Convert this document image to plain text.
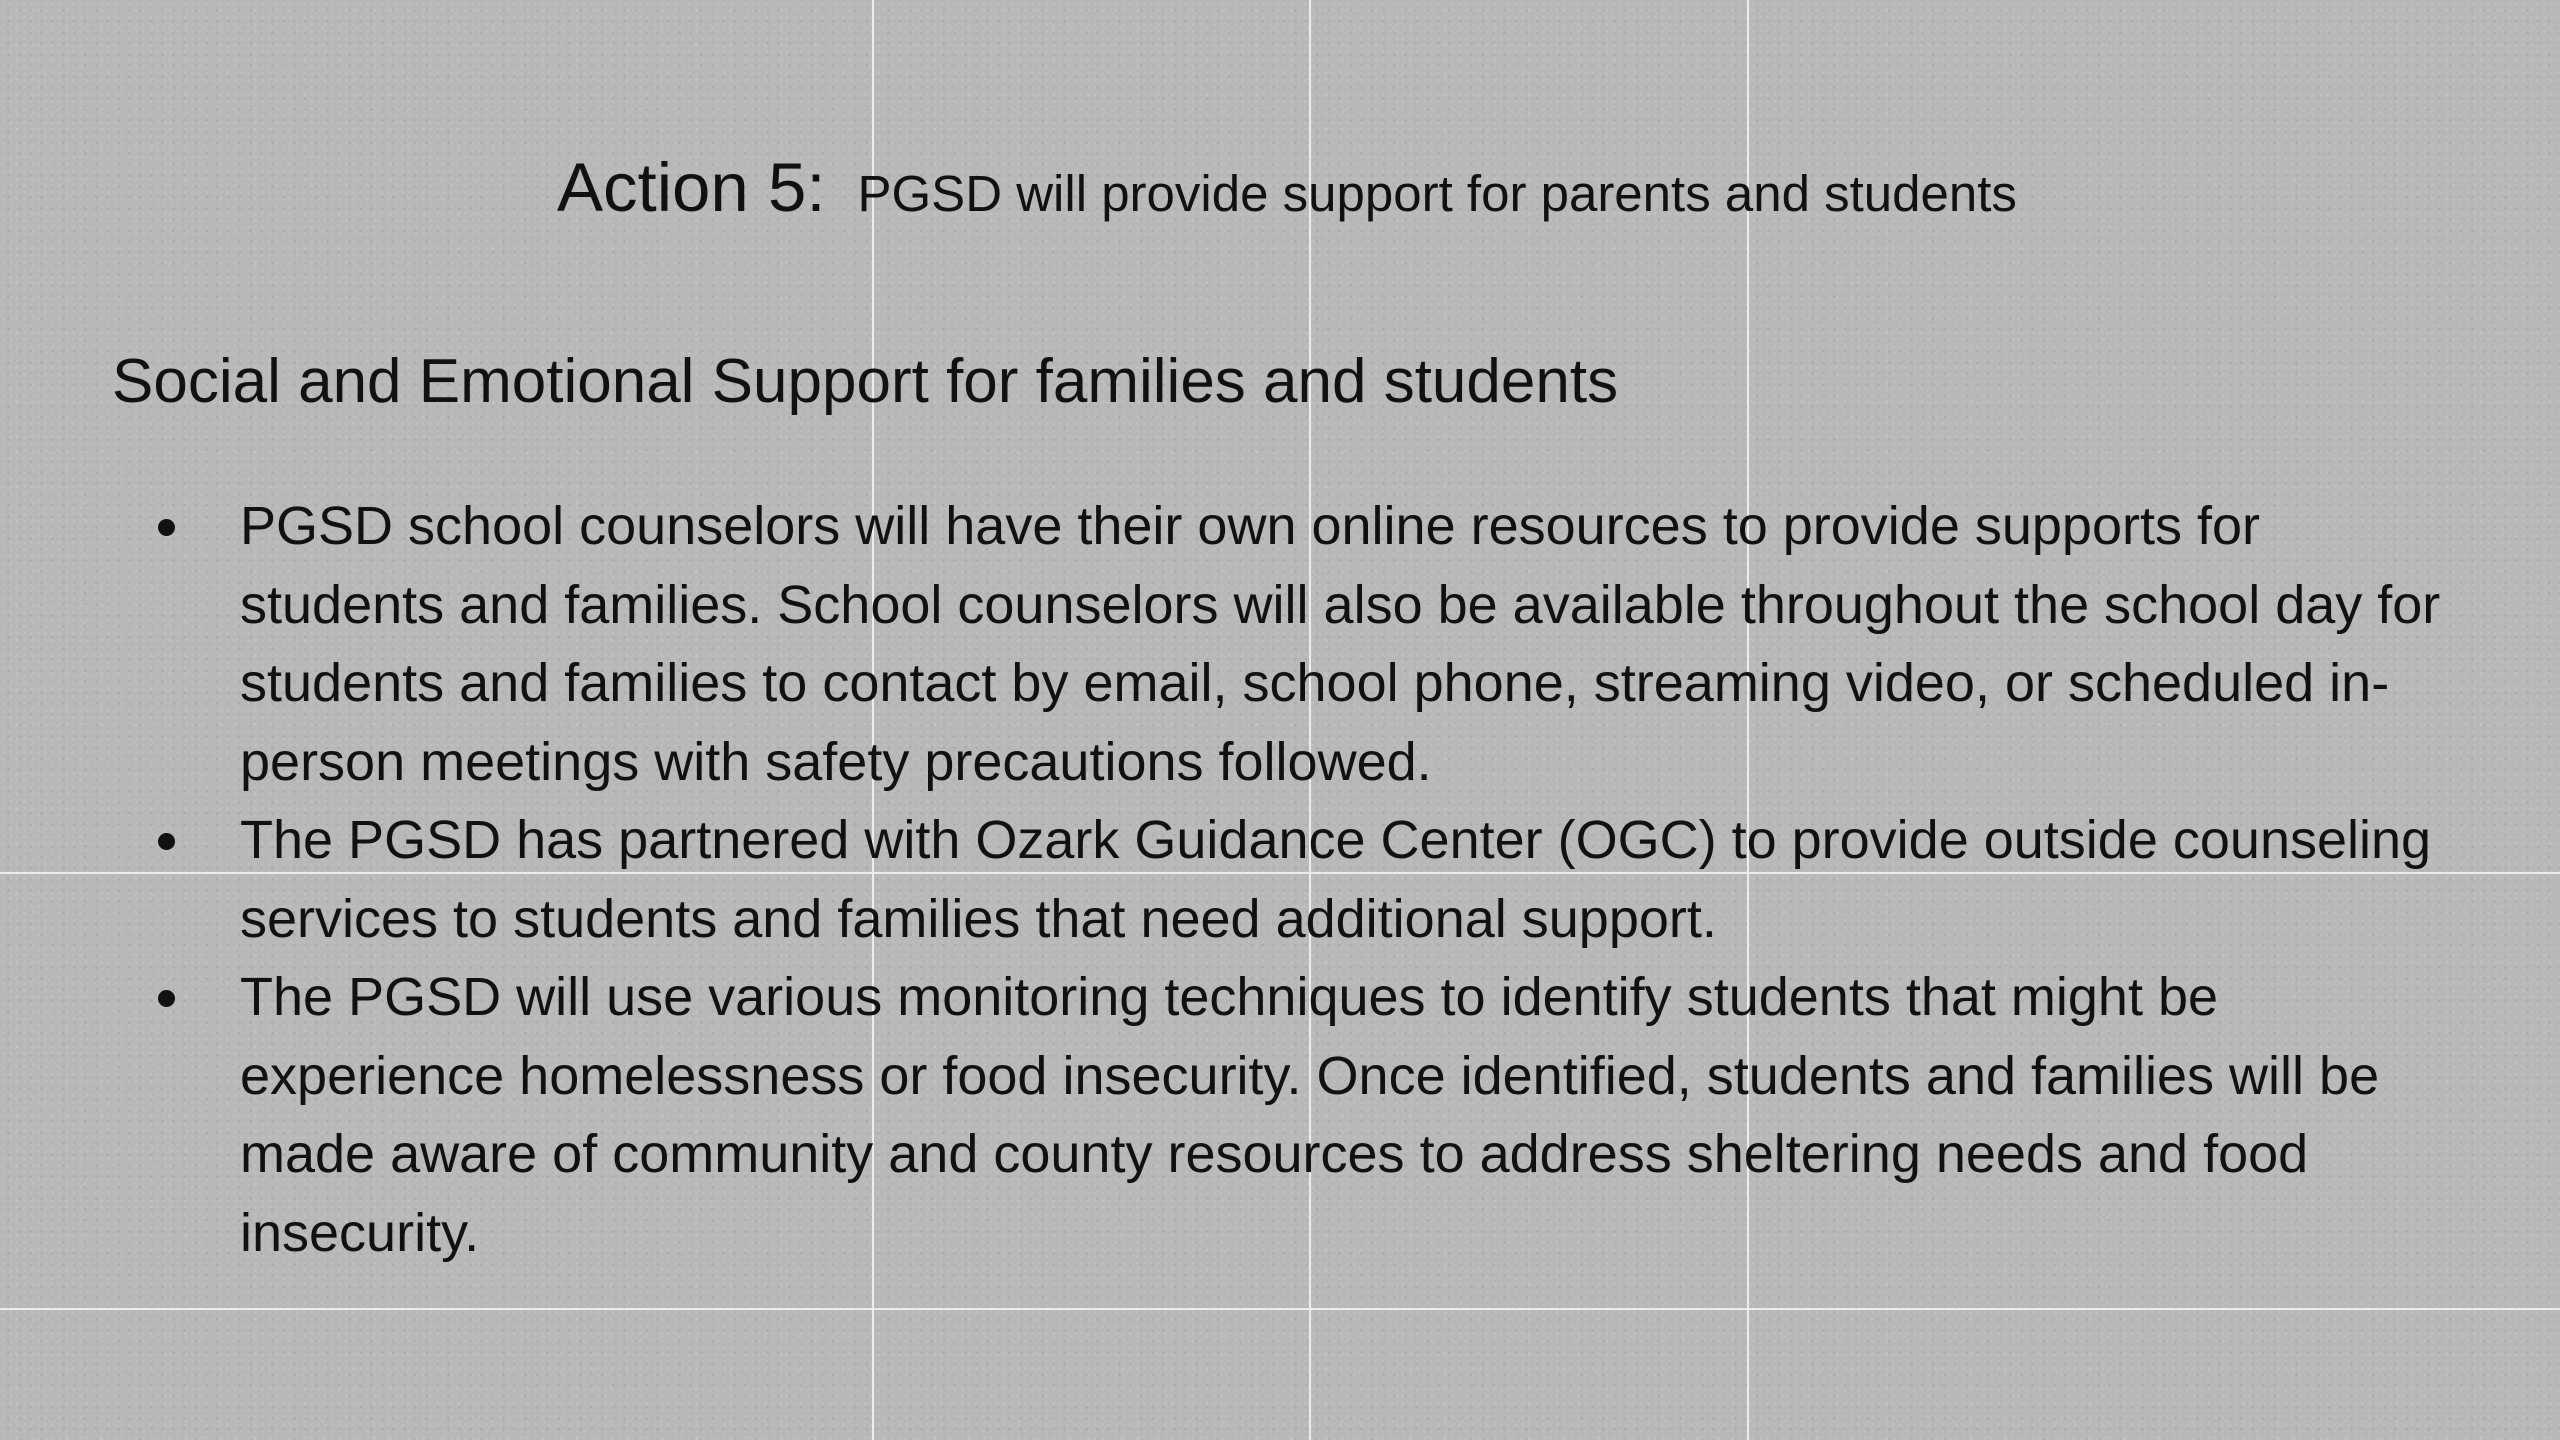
Action 5: PGSD will provide support for parents and students
Social and Emotional Support for families and students
PGSD school counselors will have their own online resources to provide supports for students and families. School counselors will also be available throughout the school day for students and families to contact by email, school phone, streaming video, or scheduled in-person meetings with safety precautions followed.
The PGSD has partnered with Ozark Guidance Center (OGC) to provide outside counseling services to students and families that need additional support.
The PGSD will use various monitoring techniques to identify students that might be experience homelessness or food insecurity. Once identified, students and families will be made aware of community and county resources to address sheltering needs and food insecurity.
